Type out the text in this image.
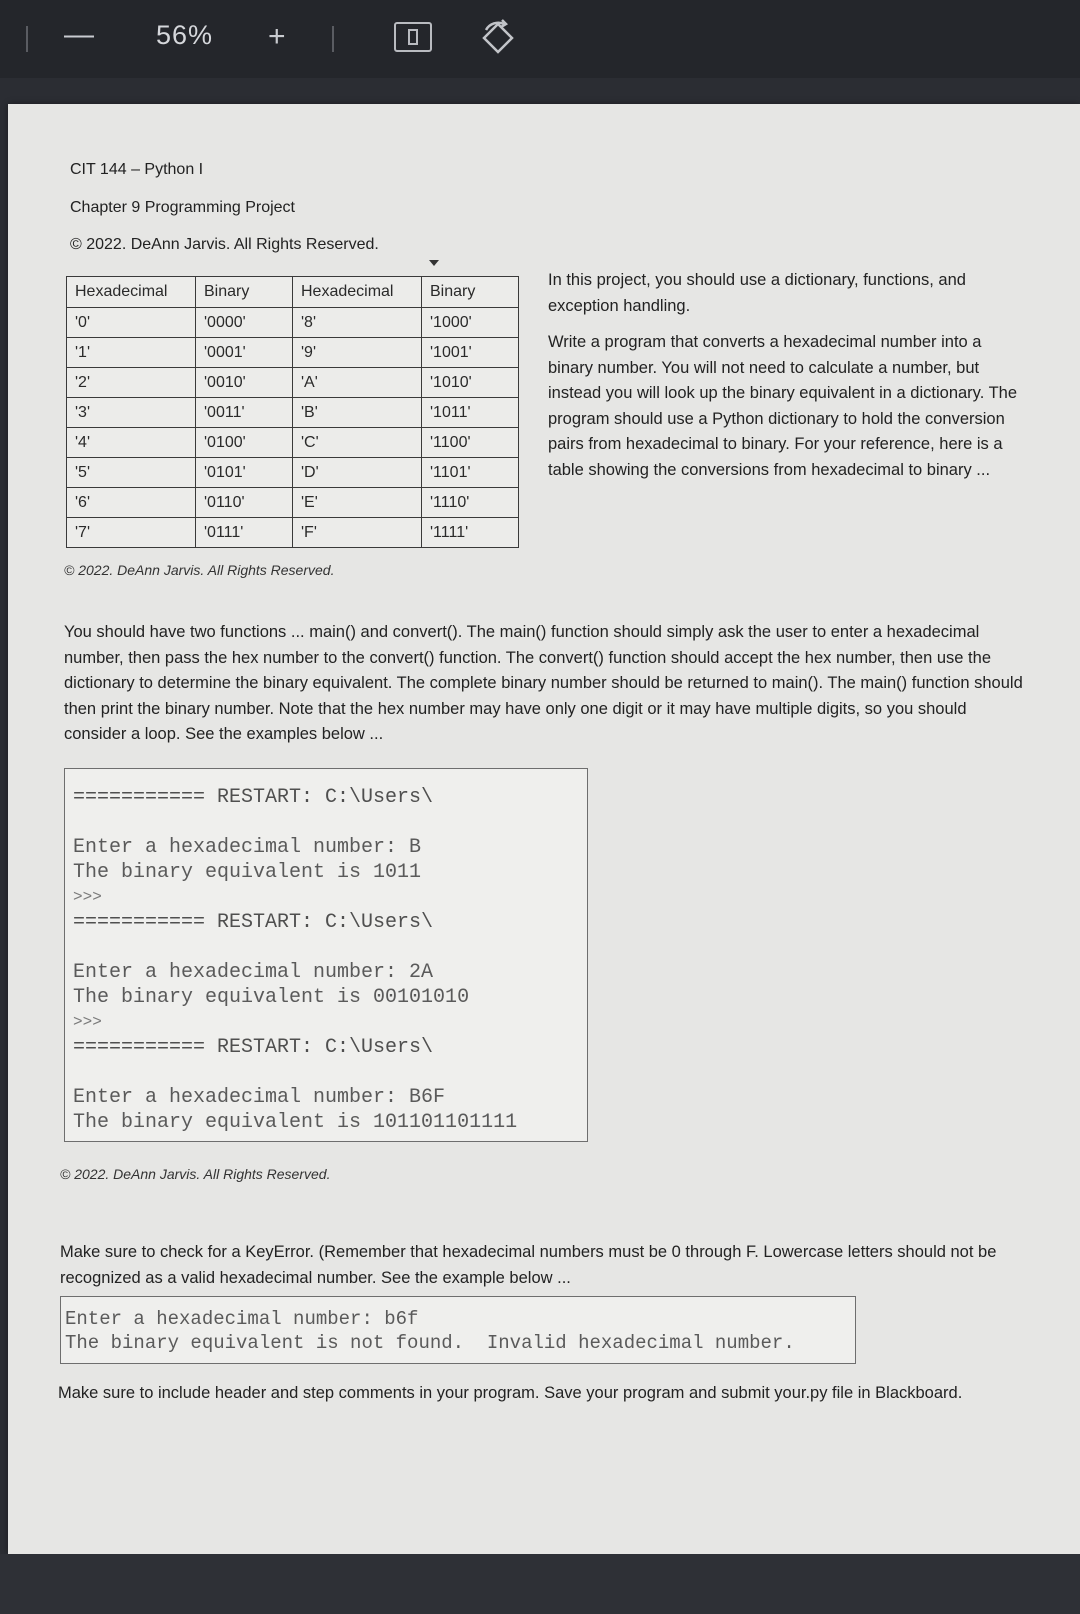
— 56% +
CIT 144 – Python I
Chapter 9 Programming Project
© 2022. DeAnn Jarvis. All Rights Reserved.
Hexadecimal	Binary	Hexadecimal	Binary
'0'	'0000'	'8'	'1000'
'1'	'0001'	'9'	'1001'
'2'	'0010'	'A'	'1010'
'3'	'0011'	'B'	'1011'
'4'	'0100'	'C'	'1100'
'5'	'0101'	'D'	'1101'
'6'	'0110'	'E'	'1110'
'7'	'0111'	'F'	'1111'
In this project, you should use a dictionary, functions, and exception handling.
Write a program that converts a hexadecimal number into a binary number. You will not need to calculate a number, but instead you will look up the binary equivalent in a dictionary. The program should use a Python dictionary to hold the conversion pairs from hexadecimal to binary. For your reference, here is a table showing the conversions from hexadecimal to binary ...
© 2022. DeAnn Jarvis. All Rights Reserved.
You should have two functions ... main() and convert(). The main() function should simply ask the user to enter a hexadecimal number, then pass the hex number to the convert() function. The convert() function should accept the hex number, then use the dictionary to determine the binary equivalent. The complete binary number should be returned to main(). The main() function should then print the binary number. Note that the hex number may have only one digit or it may have multiple digits, so you should consider a loop. See the examples below ...
=========== RESTART: C:\Users\
Enter a hexadecimal number: B
The binary equivalent is 1011
>>>
=========== RESTART: C:\Users\
Enter a hexadecimal number: 2A
The binary equivalent is 00101010
>>>
=========== RESTART: C:\Users\
Enter a hexadecimal number: B6F
The binary equivalent is 101101101111
© 2022. DeAnn Jarvis. All Rights Reserved.
Make sure to check for a KeyError. (Remember that hexadecimal numbers must be 0 through F. Lowercase letters should not be recognized as a valid hexadecimal number. See the example below ...
Enter a hexadecimal number: b6f
The binary equivalent is not found.  Invalid hexadecimal number.
Make sure to include header and step comments in your program. Save your program and submit your.py file in Blackboard.
